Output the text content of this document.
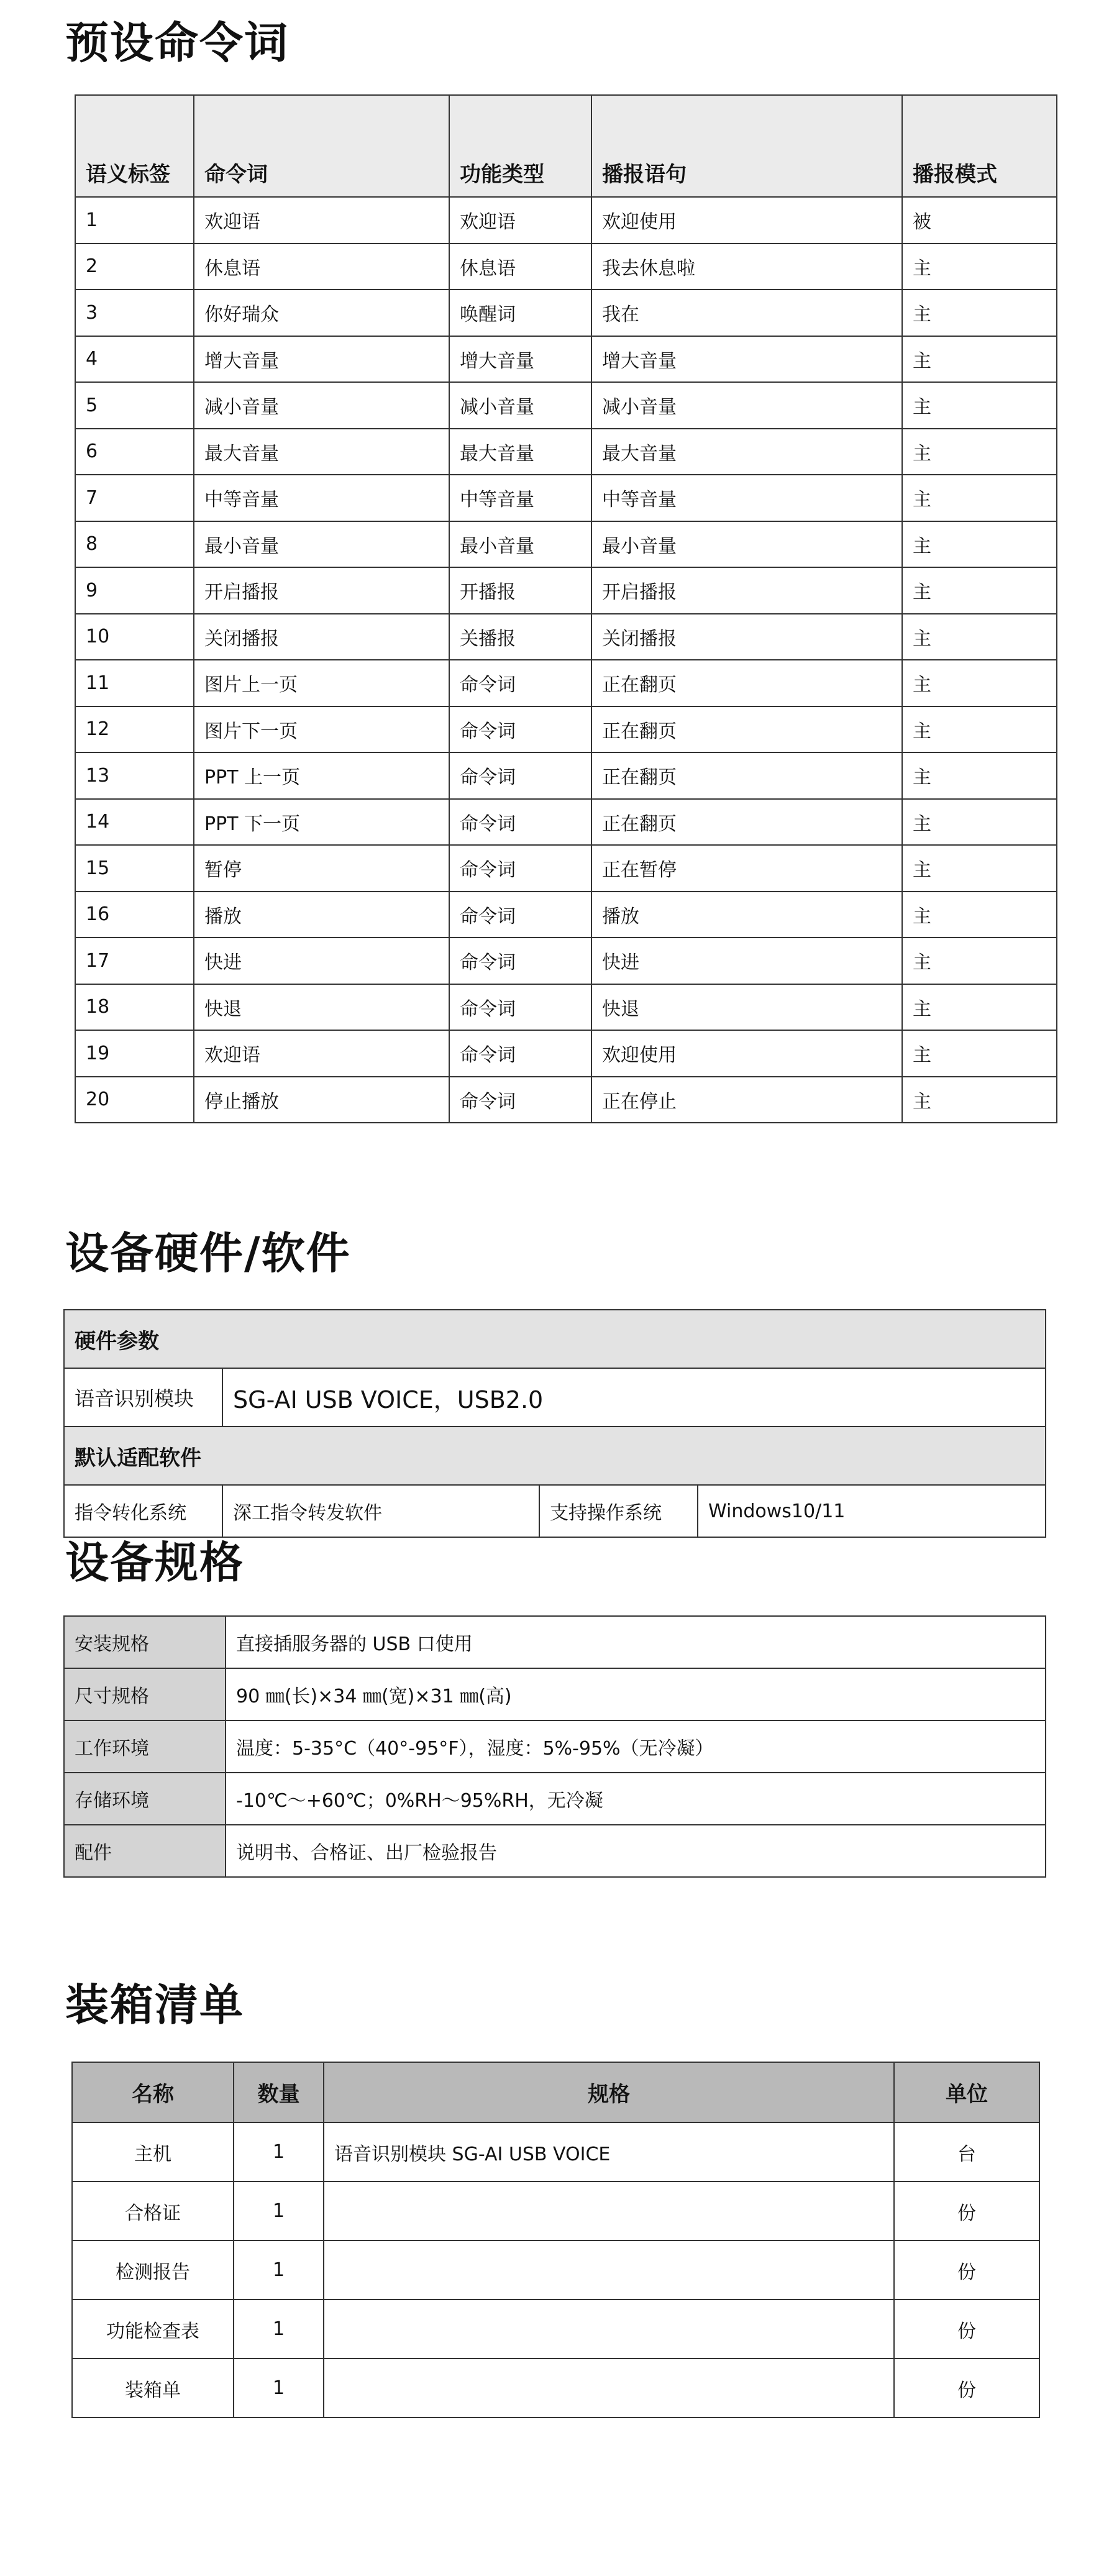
预设命令词
语义标签	命令词	功能类型	播报语句	播报模式
1	欢迎语	欢迎语	欢迎使用	被
2	休息语	休息语	我去休息啦	主
3	你好瑞众	唤醒词	我在	主
4	增大音量	增大音量	增大音量	主
5	减小音量	减小音量	减小音量	主
6	最大音量	最大音量	最大音量	主
7	中等音量	中等音量	中等音量	主
8	最小音量	最小音量	最小音量	主
9	开启播报	开播报	开启播报	主
10	关闭播报	关播报	关闭播报	主
11	图片上一页	命令词	正在翻页	主
12	图片下一页	命令词	正在翻页	主
13	PPT 上一页	命令词	正在翻页	主
14	PPT 下一页	命令词	正在翻页	主
15	暂停	命令词	正在暂停	主
16	播放	命令词	播放	主
17	快进	命令词	快进	主
18	快退	命令词	快退	主
19	欢迎语	命令词	欢迎使用	主
20	停止播放	命令词	正在停止	主
设备硬件/软件
硬件参数			
语音识别模块	SG-AI USB VOICE，USB2.0		
默认适配软件			
指令转化系统	深工指令转发软件	支持操作系统	Windows10/11
设备规格
安装规格	直接插服务器的 USB 口使用
尺寸规格	90 ㎜(长)×34 ㎜(宽)×31 ㎜(高)
工作环境	温度：5-35°C（40°-95°F），湿度：5%-95%（无冷凝）
存储环境	-10℃～+60℃；0%RH～95%RH，无冷凝
配件	说明书、合格证、出厂检验报告
装箱清单
名称	数量	规格	单位
主机	1	语音识别模块 SG-AI USB VOICE	台
合格证	1		份
检测报告	1		份
功能检查表	1		份
装箱单	1		份
